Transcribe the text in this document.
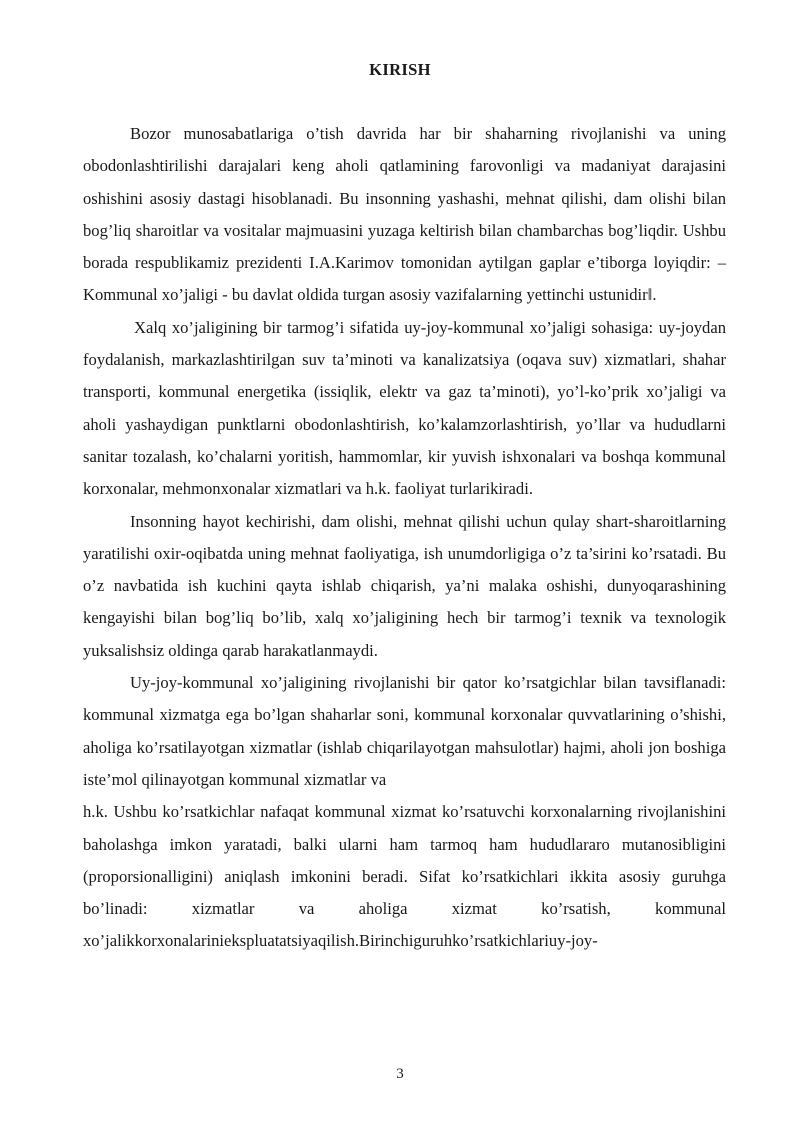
KIRISH

Bozor munosabatlariga o’tish davrida har bir shaharning rivojlanishi va uning obodonlashtirilishi darajalari keng aholi qatlamining farovonligi va madaniyat darajasini oshishini asosiy dastagi hisoblanadi. Bu insonning yashashi, mehnat qilishi, dam olishi bilan bog’liq sharoitlar va vositalar majmuasini yuzaga keltirish bilan chambarchas bog’liqdir. Ushbu borada respublikamiz prezidenti I.A.Karimov tomonidan aytilgan gaplar e’tiborga loyiqdir: ‒Kommunal xo’jaligi - bu davlat oldida turgan asosiy vazifalarning yettinchi ustunidir‖.

Xalq xo’jaligining bir tarmog’i sifatida uy-joy-kommunal xo’jaligi sohasiga: uy-joydan foydalanish, markazlashtirilgan suv ta’minoti va kanalizatsiya (oqava suv) xizmatlari, shahar transporti, kommunal energetika (issiqlik, elektr va gaz ta’minoti), yo’l-ko’prik xo’jaligi va aholi yashaydigan punktlarni obodonlashtirish, ko’kalamzorlashtirish, yo’llar va hududlarni sanitar tozalash, ko’chalarni yoritish, hammomlar, kir yuvish ishxonalari va boshqa kommunal korxonalar, mehmonxonalar xizmatlari va h.k. faoliyat turlarikiradi.

Insonning hayot kechirishi, dam olishi, mehnat qilishi uchun qulay shart-sharoitlarning yaratilishi oxir-oqibatda uning mehnat faoliyatiga, ish unumdorligiga o’z ta’sirini ko’rsatadi. Bu o’z navbatida ish kuchini qayta ishlab chiqarish, ya’ni malaka oshishi, dunyoqarashining kengayishi bilan bog’liq bo’lib, xalq xo’jaligining hech bir tarmog’i texnik va texnologik yuksalishsiz oldinga qarab harakatlanmaydi.

Uy-joy-kommunal xo’jaligining rivojlanishi bir qator ko’rsatgichlar bilan tavsiflanadi: kommunal xizmatga ega bo’lgan shaharlar soni, kommunal korxonalar quvvatlarining o’shishi, aholiga ko’rsatilayotgan xizmatlar (ishlab chiqarilayotgan mahsulotlar) hajmi, aholi jon boshiga iste’mol qilinayotgan kommunal xizmatlar va

h.k. Ushbu ko’rsatkichlar nafaqat kommunal xizmat ko’rsatuvchi korxonalarning rivojlanishini baholashga imkon yaratadi, balki ularni ham tarmoq ham hududlararo mutanosibligini (proporsionalligini) aniqlash imkonini beradi. Sifat ko’rsatkichlari ikkita asosiy guruhga bo’linadi: xizmatlar va aholiga xizmat ko’rsatish, kommunal xo’jalikkorxonalariniekspluatatsiyaqilish.Birinchiguruhko’rsatkichlariuy-joy-

3
